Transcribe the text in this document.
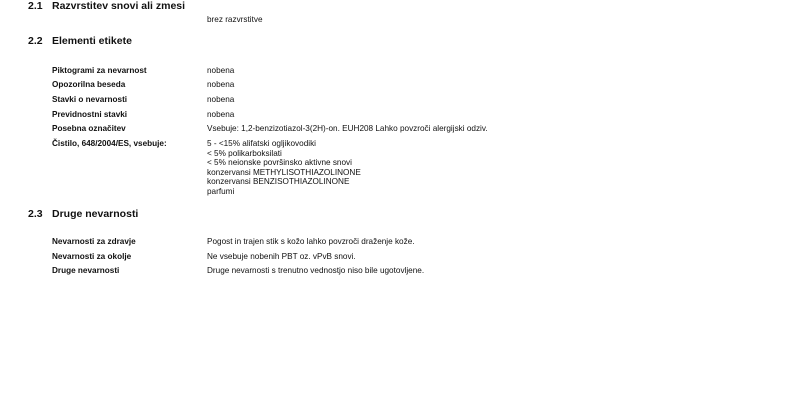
2.1 Razvrstitev snovi ali zmesi
brez razvrstitve
2.2 Elementi etikete
Piktogrami za nevarnost	nobena
Opozorilna beseda	nobena
Stavki o nevarnosti	nobena
Previdnostni stavki	nobena
Posebna označitev	Vsebuje: 1,2-benzizotiazol-3(2H)-on. EUH208 Lahko povzroči alergijski odziv.
Čistilo, 648/2004/ES, vsebuje:	5 - <15% alifatski ogljikovodiki
< 5% polikarboksilati
< 5% neionske površinsko aktivne snovi
konzervansi METHYLISOTHIAZOLINONE
konzervansi BENZISOTHIAZOLINONE
parfumi
2.3 Druge nevarnosti
Nevarnosti za zdravje	Pogost in trajen stik s kožo lahko povzroči draženje kože.
Nevarnosti za okolje	Ne vsebuje nobenih PBT oz. vPvB snovi.
Druge nevarnosti	Druge nevarnosti s trenutno vednostjo niso bile ugotovljene.
